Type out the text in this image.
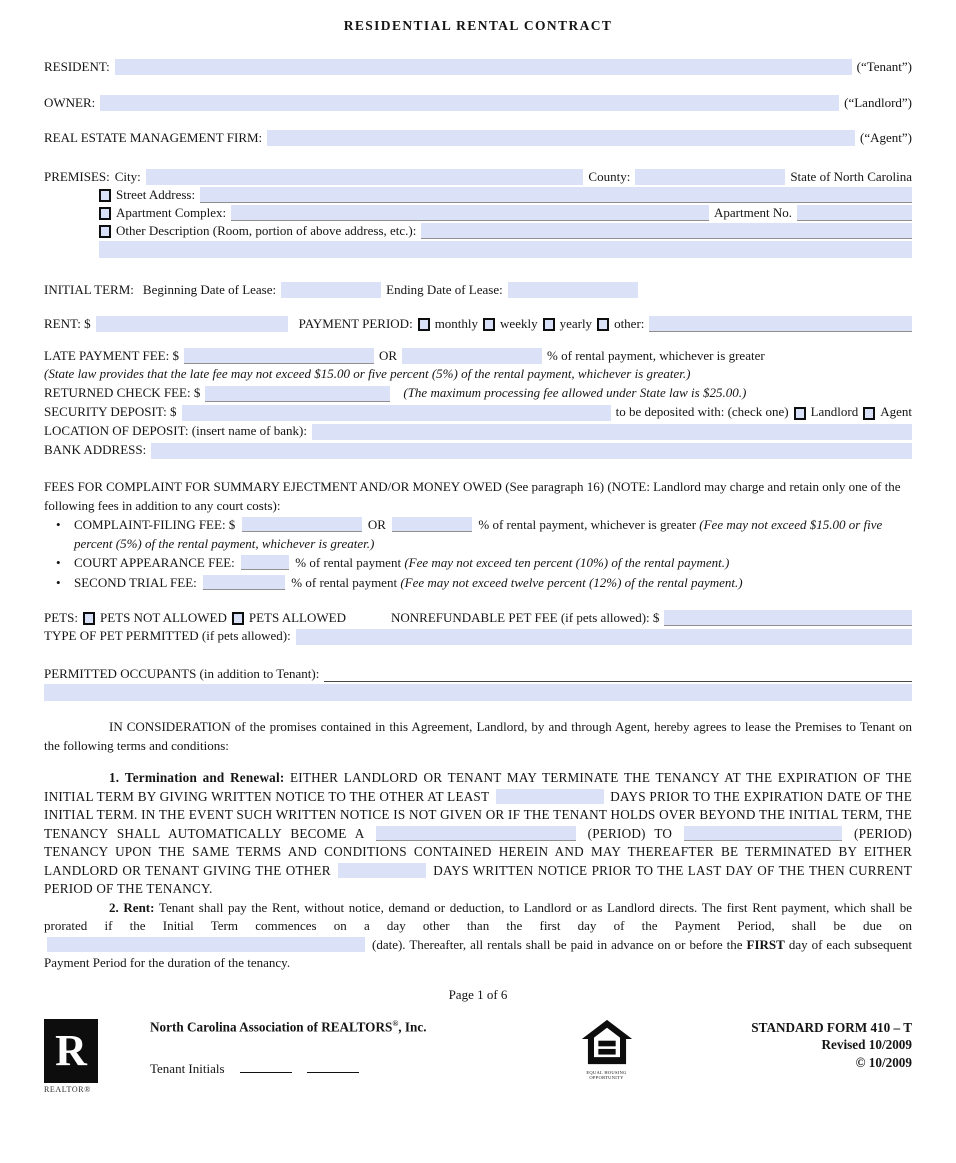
RESIDENTIAL RENTAL CONTRACT
RESIDENT:	(“Tenant”)
OWNER:	(“Landlord”)
REAL ESTATE MANAGEMENT FIRM:	(“Agent”)
PREMISES: City:	County:	State of North Carolina
Street Address:
Apartment Complex:	Apartment No.
Other Description (Room, portion of above address, etc.):
INITIAL TERM: Beginning Date of Lease:	Ending Date of Lease:
RENT: $	PAYMENT PERIOD: monthly weekly yearly other:
LATE PAYMENT FEE: $	OR	% of rental payment, whichever is greater
(State law provides that the late fee may not exceed $15.00 or five percent (5%) of the rental payment, whichever is greater.)
RETURNED CHECK FEE: $	(The maximum processing fee allowed under State law is $25.00.)
SECURITY DEPOSIT: $	to be deposited with: (check one) Landlord Agent
LOCATION OF DEPOSIT: (insert name of bank):
BANK ADDRESS:
FEES FOR COMPLAINT FOR SUMMARY EJECTMENT AND/OR MONEY OWED (See paragraph 16) (NOTE: Landlord may charge and retain only one of the following fees in addition to any court costs):
•	COMPLAINT-FILING FEE: $	OR	% of rental payment, whichever is greater (Fee may not exceed $15.00 or five percent (5%) of the rental payment, whichever is greater.)
•	COURT APPEARANCE FEE:	% of rental payment (Fee may not exceed ten percent (10%) of the rental payment.)
•	SECOND TRIAL FEE:	% of rental payment (Fee may not exceed twelve percent (12%) of the rental payment.)
PETS: PETS NOT ALLOWED PETS ALLOWED	NONREFUNDABLE PET FEE (if pets allowed): $
TYPE OF PET PERMITTED (if pets allowed):
PERMITTED OCCUPANTS (in addition to Tenant):

IN CONSIDERATION of the promises contained in this Agreement, Landlord, by and through Agent, hereby agrees to lease the Premises to Tenant on the following terms and conditions:

1. Termination and Renewal: EITHER LANDLORD OR TENANT MAY TERMINATE THE TENANCY AT THE EXPIRATION OF THE INITIAL TERM BY GIVING WRITTEN NOTICE TO THE OTHER AT LEAST	DAYS PRIOR TO THE EXPIRATION DATE OF THE INITIAL TERM. IN THE EVENT SUCH WRITTEN NOTICE IS NOT GIVEN OR IF THE TENANT HOLDS OVER BEYOND THE INITIAL TERM, THE TENANCY SHALL AUTOMATICALLY BECOME A	(PERIOD) TO	(PERIOD) TENANCY UPON THE SAME TERMS AND CONDITIONS CONTAINED HEREIN AND MAY THEREAFTER BE TERMINATED BY EITHER LANDLORD OR TENANT GIVING THE OTHER	DAYS WRITTEN NOTICE PRIOR TO THE LAST DAY OF THE THEN CURRENT PERIOD OF THE TENANCY.

2. Rent: Tenant shall pay the Rent, without notice, demand or deduction, to Landlord or as Landlord directs. The first Rent payment, which shall be prorated if the Initial Term commences on a day other than the first day of the Payment Period, shall be due on  (date). Thereafter, all rentals shall be paid in advance on or before the FIRST day of each subsequent Payment Period for the duration of the tenancy.

Page 1 of 6
R
REALTOR®
North Carolina Association of REALTORS®, Inc.
Tenant Initials	EQUAL HOUSING OPPORTUNITY
STANDARD FORM 410 – T
Revised 10/2009
© 10/2009
